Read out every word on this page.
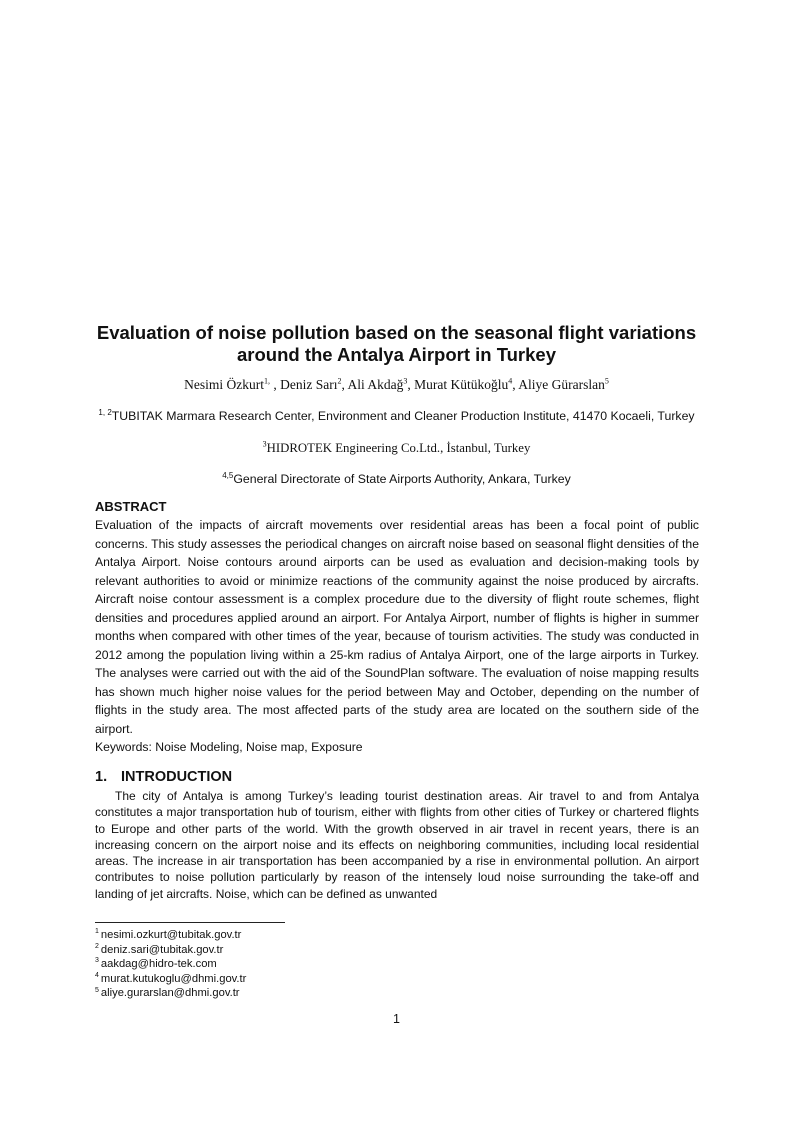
Evaluation of noise pollution based on the seasonal flight variations around the Antalya Airport in Turkey
Nesimi Özkurt$^{1,}$ , Deniz Sarı$^2$, Ali Akdağ$^3$, Murat Kütükoğlu$^4$, Aliye Gürarslan$^5$
$^{1, 2}$TUBITAK Marmara Research Center, Environment and Cleaner Production Institute, 41470 Kocaeli, Turkey
$^3$HIDROTEK Engineering Co.Ltd., İstanbul, Turkey
$^{4,5}$General Directorate of State Airports Authority, Ankara, Turkey
ABSTRACT

Evaluation of the impacts of aircraft movements over residential areas has been a focal point of public concerns. This study assesses the periodical changes on aircraft noise based on seasonal flight densities of the Antalya Airport. Noise contours around airports can be used as evaluation and decision-making tools by relevant authorities to avoid or minimize reactions of the community against the noise produced by aircrafts. Aircraft noise contour assessment is a complex procedure due to the diversity of flight route schemes, flight densities and procedures applied around an airport. For Antalya Airport, number of flights is higher in summer months when compared with other times of the year, because of tourism activities. The study was conducted in 2012 among the population living within a 25-km radius of Antalya Airport, one of the large airports in Turkey. The analyses were carried out with the aid of the SoundPlan software. The evaluation of noise mapping results has shown much higher noise values for the period between May and October, depending on the number of flights in the study area. The most affected parts of the study area are located on the southern side of the airport.

Keywords: Noise Modeling, Noise map, Exposure

1. INTRODUCTION

The city of Antalya is among Turkey’s leading tourist destination areas. Air travel to and from Antalya constitutes a major transportation hub of tourism, either with flights from other cities of Turkey or chartered flights to Europe and other parts of the world. With the growth observed in air travel in recent years, there is an increasing concern on the airport noise and its effects on neighboring communities, including local residential areas. The increase in air transportation has been accompanied by a rise in environmental pollution. An airport contributes to noise pollution particularly by reason of the intensely loud noise surrounding the take-off and landing of jet aircrafts. Noise, which can be defined as unwanted

$^1$ nesimi.ozkurt@tubitak.gov.tr
$^2$ deniz.sari@tubitak.gov.tr
$^3$ aakdag@hidro-tek.com
$^4$ murat.kutukoglu@dhmi.gov.tr
$^5$ aliye.gurarslan@dhmi.gov.tr
1
